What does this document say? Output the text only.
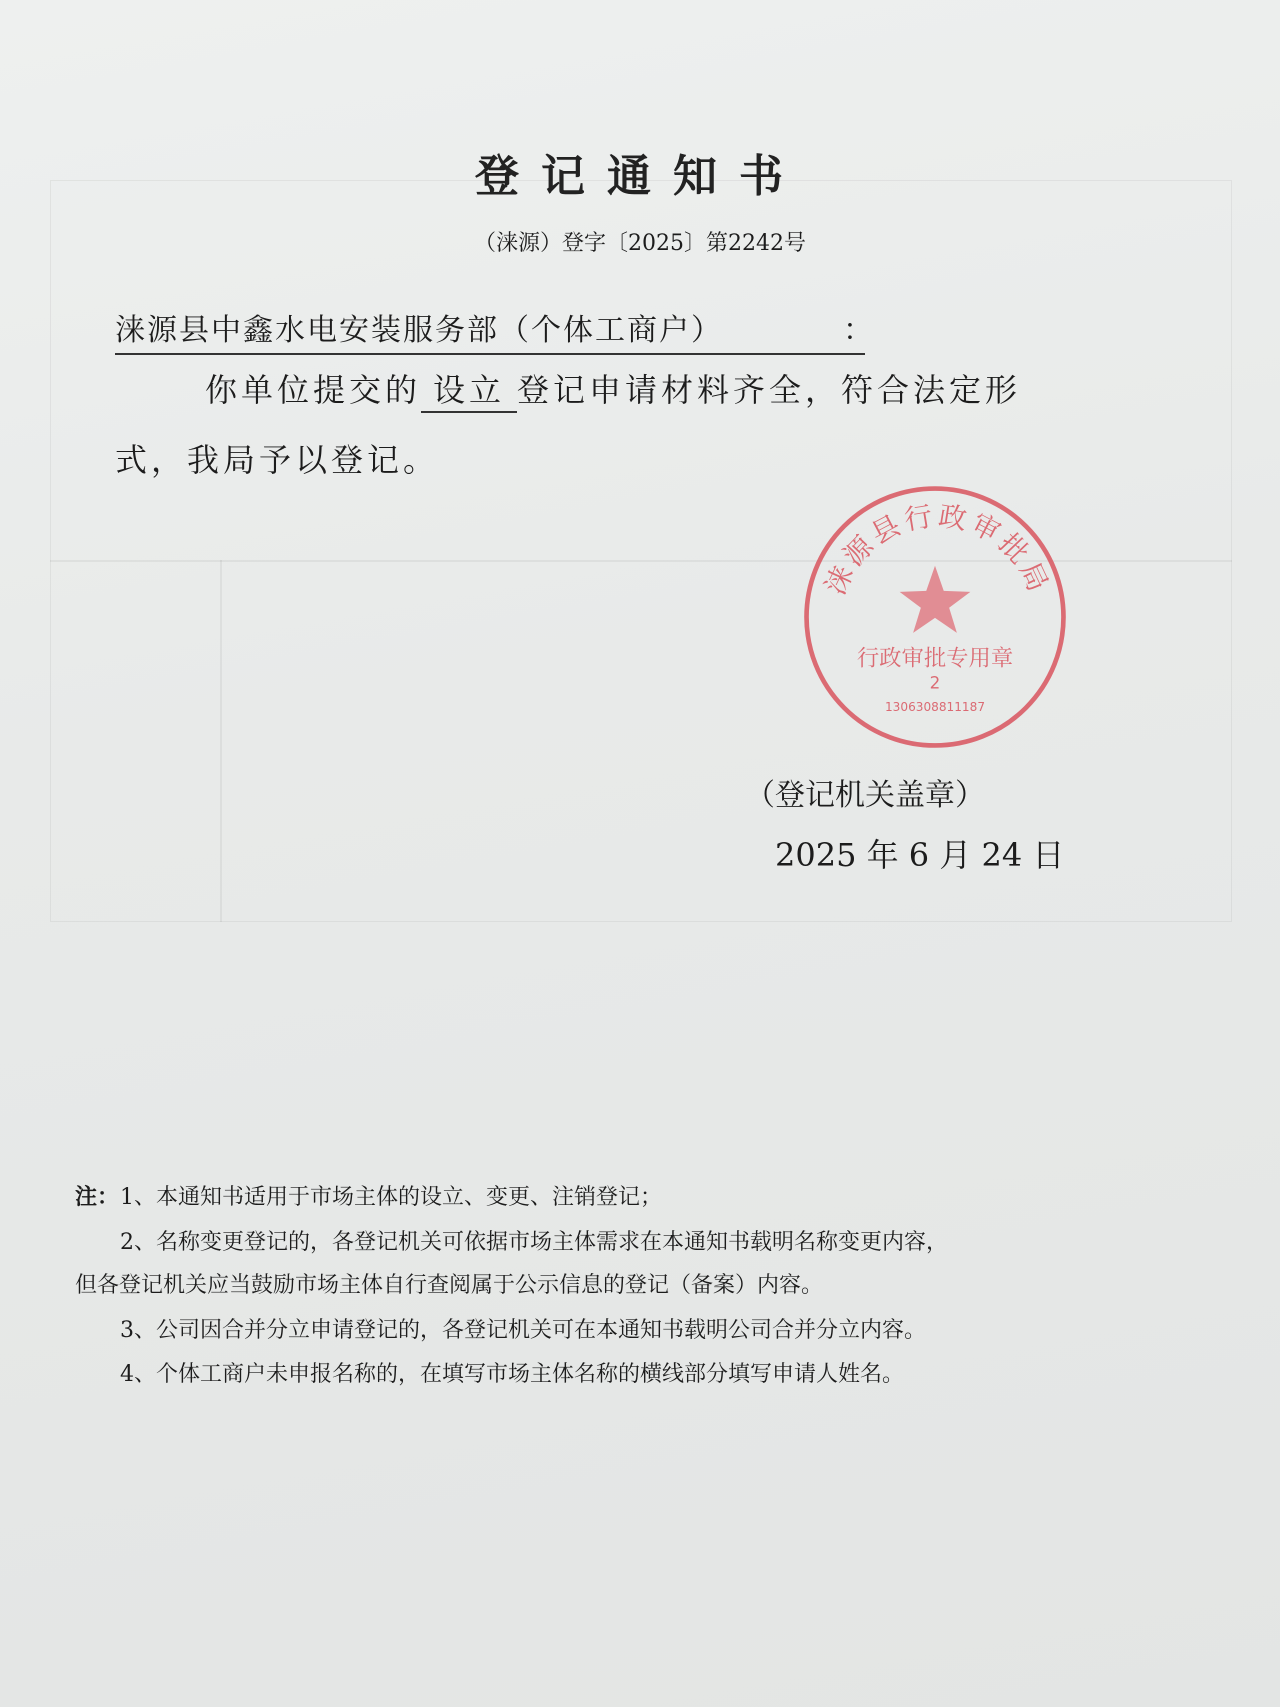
登记通知书
（涞源）登字〔2025〕第2242号
涞源县中鑫水电安装服务部（个体工商户）	：
你单位提交的 设立 登记申请材料齐全，符合法定形
式，我局予以登记。
涞源县行政审批局
行政审批专用章
2
1306308811187
（登记机关盖章）
2025 年 6 月 24 日
注： 1、本通知书适用于市场主体的设立、变更、注销登记；
2、名称变更登记的，各登记机关可依据市场主体需求在本通知书载明名称变更内容，
但各登记机关应当鼓励市场主体自行查阅属于公示信息的登记（备案）内容。
3、公司因合并分立申请登记的，各登记机关可在本通知书载明公司合并分立内容。
4、个体工商户未申报名称的，在填写市场主体名称的横线部分填写申请人姓名。
